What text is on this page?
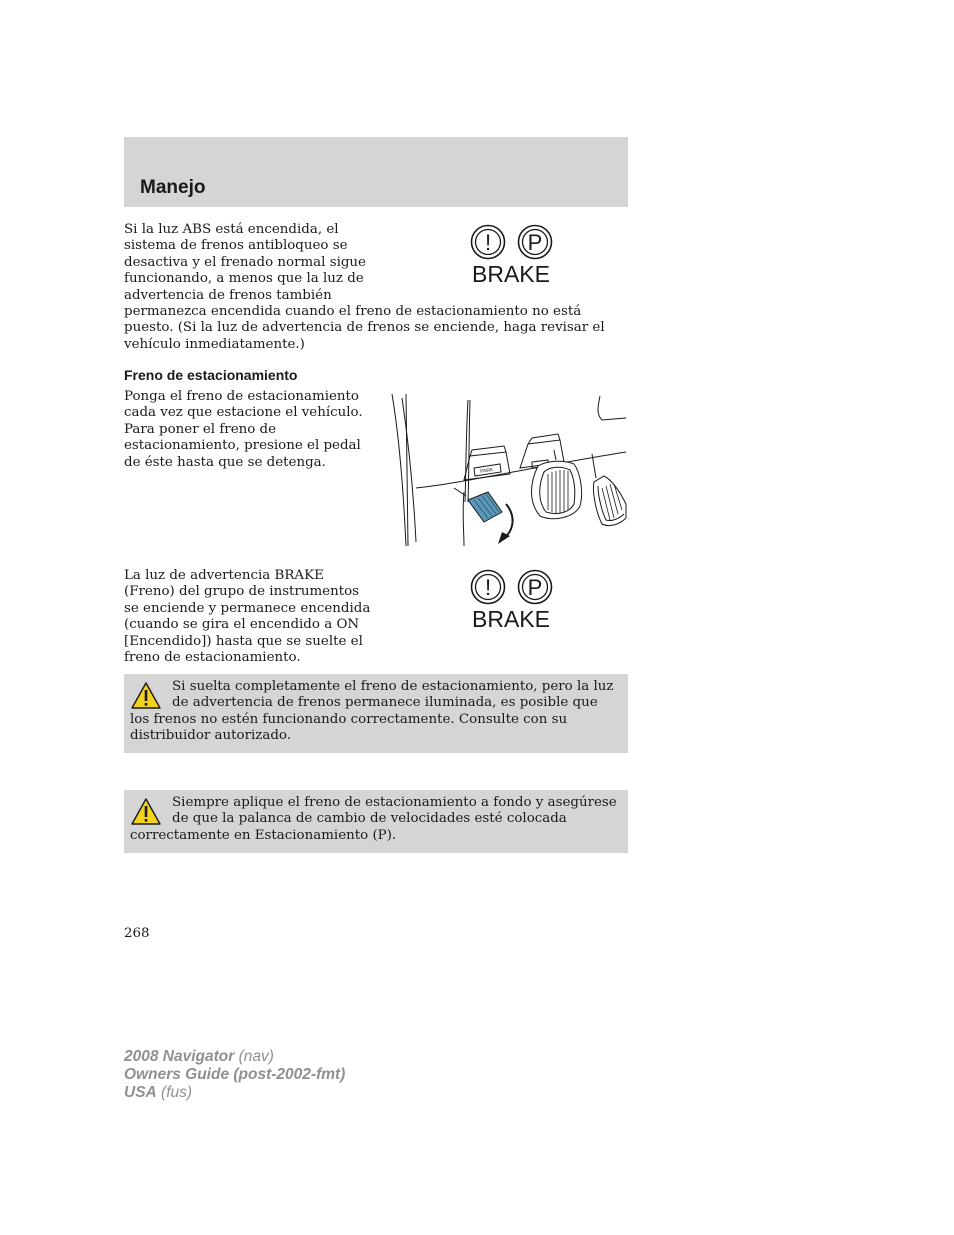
Manejo
Si la luz ABS está encendida, el
sistema de frenos antibloqueo se
desactiva y el frenado normal sigue
funcionando, a menos que la luz de
advertencia de frenos también
permanezca encendida cuando el freno de estacionamiento no está
puesto. (Si la luz de advertencia de frenos se enciende, haga revisar el
vehículo inmediatamente.)
! P
BRAKE
Freno de estacionamiento
Ponga el freno de estacionamiento
cada vez que estacione el vehículo.
Para poner el freno de
estacionamiento, presione el pedal
de éste hasta que se detenga.
PARK
La luz de advertencia BRAKE
(Freno) del grupo de instrumentos
se enciende y permanece encendida
(cuando se gira el encendido a ON
[Encendido]) hasta que se suelte el
freno de estacionamiento.
! P
BRAKE
Si suelta completamente el freno de estacionamiento, pero la luz
de advertencia de frenos permanece iluminada, es posible que
los frenos no estén funcionando correctamente. Consulte con su
distribuidor autorizado.
Siempre aplique el freno de estacionamiento a fondo y asegúrese
de que la palanca de cambio de velocidades esté colocada
correctamente en Estacionamiento (P).
268
2008 Navigator (nav)
Owners Guide (post-2002-fmt)
USA (fus)
